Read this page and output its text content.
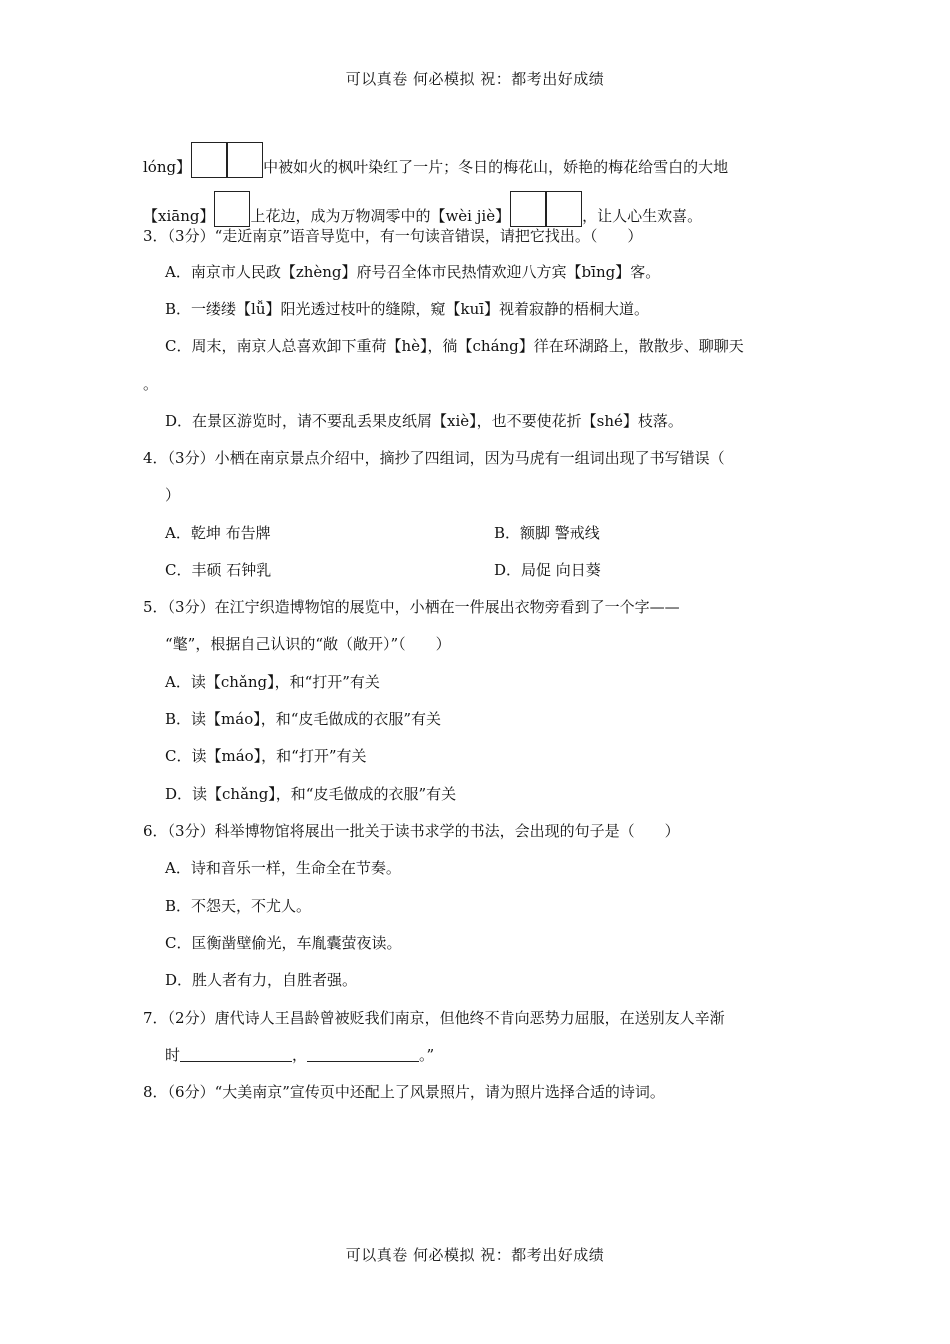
可以真卷 何必模拟 祝：都考出好成绩
lóng】	中被如火的枫叶染红了一片；冬日的梅花山，娇艳的梅花给雪白的大地
【xiāng】 上花边，成为万物凋零中的【wèi jiè】	，让人心生欢喜。
3．（3分）“走近南京”语音导览中，有一句读音错误，请把它找出。（　　）
A．南京市人民政【zhèng】府号召全体市民热情欢迎八方宾【bīng】客。
B．一缕缕【lǚ】阳光透过枝叶的缝隙，窥【kuī】视着寂静的梧桐大道。
C．周末，南京人总喜欢卸下重荷【hè】，徜【cháng】徉在环湖路上，散散步、聊聊天
。
D．在景区游览时，请不要乱丢果皮纸屑【xiè】，也不要使花折【shé】枝落。
4．（3分）小栖在南京景点介绍中，摘抄了四组词，因为马虎有一组词出现了书写错误（
）
A．乾坤 布告牌	B．额脚 警戒线
C．丰硕 石钟乳	D．局促 向日葵
5．（3分）在江宁织造博物馆的展览中，小栖在一件展出衣物旁看到了一个字——
“氅”，根据自己认识的“敞（敞开）”（　　）
A．读【chǎng】，和“打开”有关
B．读【máo】，和“皮毛做成的衣服”有关
C．读【máo】，和“打开”有关
D．读【chǎng】，和“皮毛做成的衣服”有关
6．（3分）科举博物馆将展出一批关于读书求学的书法，会出现的句子是（　　）
A．诗和音乐一样，生命全在节奏。
B．不怨天，不尤人。
C．匡衡凿壁偷光，车胤囊萤夜读。
D．胜人者有力，自胜者强。
7．（2分）唐代诗人王昌龄曾被贬我们南京，但他终不肯向恶势力屈服，在送别友人辛渐
时	，	。”
8．（6分）“大美南京”宣传页中还配上了风景照片，请为照片选择合适的诗词。
可以真卷 何必模拟 祝：都考出好成绩
